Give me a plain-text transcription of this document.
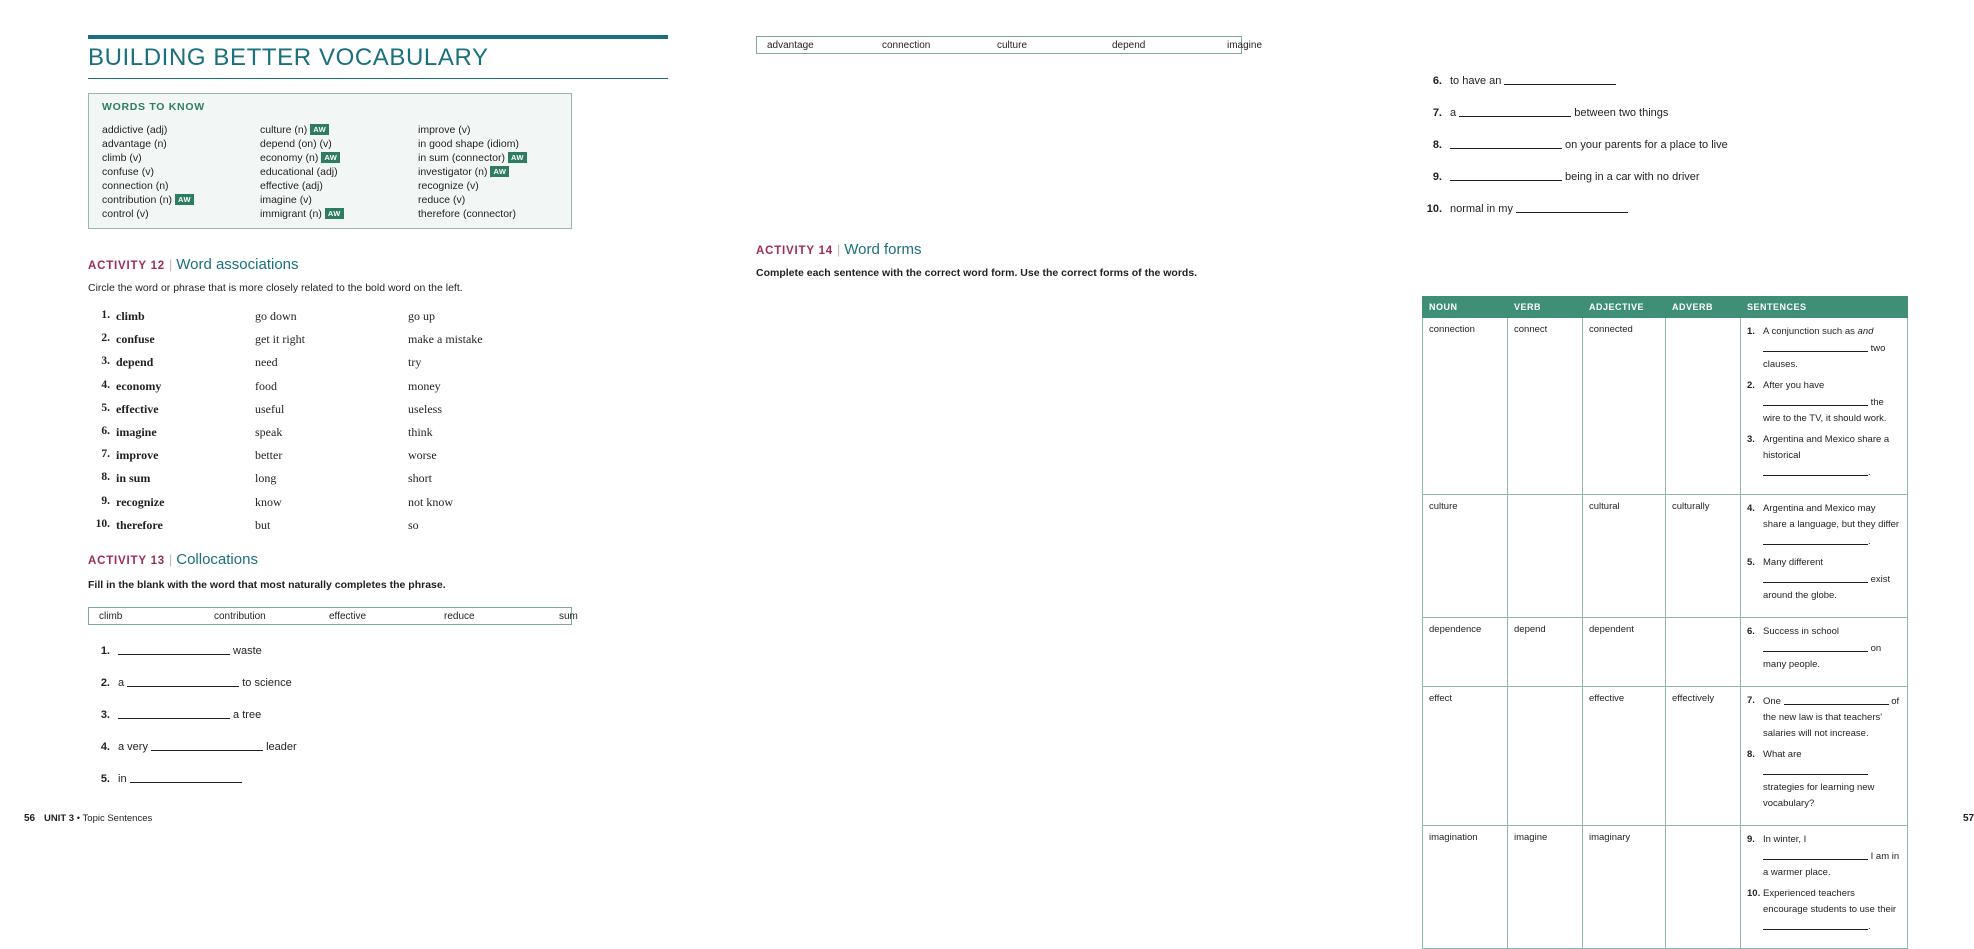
BUILDING BETTER VOCABULARY
WORDS TO KNOW
addictive (adj)
advantage (n)
climb (v)
confuse (v)
connection (n)
contribution (n) AW
control (v)
culture (n) AW
depend (on) (v)
economy (n) AW
educational (adj)
effective (adj)
imagine (v)
immigrant (n) AW
improve (v)
in good shape (idiom)
in sum (connector) AW
investigator (n) AW
recognize (v)
reduce (v)
therefore (connector)
ACTIVITY 12 | Word associations
Circle the word or phrase that is more closely related to the bold word on the left.
1. climb	go down	go up
2. confuse	get it right	make a mistake
3. depend	need	try
4. economy	food	money
5. effective	useful	useless
6. imagine	speak	think
7. improve	better	worse
8. in sum	long	short
9. recognize	know	not know
10. therefore	but	so
ACTIVITY 13 | Collocations
Fill in the blank with the word that most naturally completes the phrase.
climb	contribution	effective	reduce	sum
1.	waste
2. a	to science
3.	a tree
4. a very	leader
5. in
56 UNIT 3 • Topic Sentences
advantage	connection	culture	depend	imagine
6. to have an
7. a	between two things
8.	on your parents for a place to live
9.	being in a car with no driver
10. normal in my
ACTIVITY 14 | Word forms
Complete each sentence with the correct word form. Use the correct forms of the words.
NOUN	VERB	ADJECTIVE	ADVERB	SENTENCES
connection	connect	connected		1. A conjunction such as and
two clauses.
2. After you have  the wire to the TV, it should work.
3. Argentina and Mexico share a historical .

culture		cultural	culturally	4. Argentina and Mexico may share a language, but they differ .
5. Many different  exist around the globe.

dependence	depend	dependent		6. Success in school  on many people.

effect		effective	effectively	7. One of the new law is that teachers' salaries will not increase.
8. What are  strategies for learning new vocabulary?

imagination	imagine	imaginary		9. In winter, I  I am in a warmer place.
10. Experienced teachers encourage students to use their .
57
